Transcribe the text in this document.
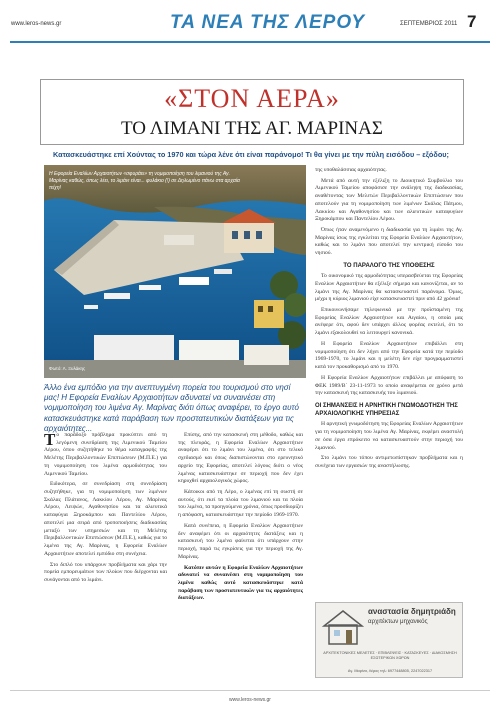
www.leros-news.gr	ΤΑ ΝΕΑ ΤΗΣ ΛΕΡΟΥ	ΣΕΠΤΕΜΒΡΙΟΣ 2011 7
«ΣΤΟΝ ΑΕΡΑ»
ΤΟ ΛΙΜΑΝΙ ΤΗΣ ΑΓ. ΜΑΡΙΝΑΣ
Κατασκευάστηκε επί Χούντας το 1970 και τώρα λένε ότι είναι παράνομο! Τι θα γίνει με την πύλη εισόδου – εξόδου;
Η Εφορεία Εναλίων Αρχαιοτήτων «σφυράει» τη νομιμοποίηση του λιμανιού της Αγ. Μαρίνας καθώς, όπως λέει, το λιμάνι είναι... φυλάκιο (!) σε Δηλωμένο πάνω στα αρχαία τείχη!
Φωτό: Λ. Ξυλάκης
Άλλο ένα εμπόδιο για την ανεπτυγμένη πορεία του τουρισμού στο νησί μας! Η Εφορεία Εναλίων Αρχαιοτήτων αδυνατεί να συναινέσει στη νομιμοποίηση του λιμένα Αγ. Μαρίνας διότι όπως αναφέρει, το έργο αυτό κατασκευάστηκε κατά παράβαση των προστατευτικών διατάξεων για τις αρχαιότητες...

Τ ο παράδοξο πρόβλημα προκύπτει από τη λεγόμενη συνεδρίαση της Λιμενικού Ταμείου Λέρου, όπου συζητήθηκε το θέμα καταγραφής της Μελέτης Περιβαλλοντικών Επιπτώσεων (Μ.Π.Ε.) για τη νομιμοποίηση του λιμένα αρμοδιότητας του Λιμενικού Ταμείου.

Ειδικότερα, σε συνεδρίαση στη συνεδρίαση συζητήθηκε, για τη νομιμοποίηση των λιμένων Σκάλας Πλάτανος, Λακκίου Λέρου, Αγ. Μαρίνας Λέρου, Λειψών, Αγαθονησίου και τα αλιευτικά καταφύγια Ξηροκάμπου και Παντελίου Λέρου, αποτελεί μια σειρά από τροποποιήσεις διαδικασίας μεταξύ των υπηρεσιών και τη Μελέτης Περιβαλλοντικών Επιπτώσεων (Μ.Π.Ε.), καθώς για το λιμένα της Αγ. Μαρίνας, η Εφορεία Εναλίων Αρχαιοτήτων αποτελεί εμπόδιο στη συνέχεια.

Στο διπλό του υπάρχουν προβλήματα και χάρι την πορεία εμπορευμάτων των πλοίων που διέρχονται και συνάγονται από το λιμάνι.

Επίσης, από την κατασκευή στη μέθοδο, καθώς και της πλευράς, η Εφορεία Εναλίων Αρχαιοτήτων αναφέρει ότι το λιμάνι του λιμένα, ότι στο τελικό σχεδιασμό και όπως διαπιστώνονται στο ερευνητικό αρχείο της Εφορείας, αποτελεί λόγους διότι ο νέος λιμένας κατασκευάστηκε σε περιοχή που δεν έχει κηρυχθεί αρχαιολογικός χώρος.

Κάτοικοι από τη Λέρο, ο λιμένας επί τη σωστή σε αυτούς, ότι εκεί τα πλοία του λιμανιού και τα πλοία του λιμένα, τα προηγούμενα χρόνια, όπως προσδιορίζει η απόφαση, κατασκευάστηκε την περίοδο 1969-1970.

Κατά συνέπεια, η Εφορεία Εναλίων Αρχαιοτήτων δεν αναφέρει ότι οι αρχαιότητες διατάξεις και η κατασκευή του λιμένα φαίνεται ότι υπάρχουν στην περιοχή, παρά τις εγκρίσεις για την περιοχή της Αγ. Μαρίνας.

Κατόπιν αυτών η Εφορεία Εναλίων Αρχαιοτήτων αδυνατεί να συναινέσει στη νομιμοποίηση του λιμένα καθώς αυτό κατασκευάστηκε κατά παράβαση των προστατευτικών για τις αρχαιότητες διατάξεων.

της υποθαλάσσιας αρχαιότητας.

Μετά από αυτή την εξέλιξη το Διοικητικό Συμβούλιο του Λιμενικού Ταμείου αποφάσισε την ανάληψη της διαδικασίας, αναθέτοντας των Μελετών Περιβαλλοντικών Επιπτώσεων που αποτελούν για τη νομιμοποίηση των λιμένων Σκάλας Πάτμου, Λακκίου και Αγαθονησίου και των αλιευτικών καταφυγίων Ξηροκάμπου και Παντελίου Λέρου.

Όπως ήταν αναμενόμενο η διαδικασία για τη λιμάνι της Αγ. Μαρίνας ίσως της εγκλείται της Εφορεία Εναλίων Αρχαιοτήτων, καθώς και το λιμάνι που αποτελεί την κεντρική είσοδο του νησιού.

ΤΟ ΠΑΡΑΛΟΓΟ ΤΗΣ ΥΠΟΘΕΣΗΣ

Το οικονομικό της αρμοδιότητας υπερασβεύεται της Εφορείας Εναλίων Αρχαιοτήτων θα εξέλιξε σήμερα και κανονίζεται, αν το λιμάνι της Αγ. Μαρίνας θα κατασκευαστεί παράνομα. Όμως, μέχρι η κύριος λιμανιού είχε κατασκευαστεί πριν από 42 χρόνια!

Επικοινωνήσαμε τηλεφωνικά με την προϊσταμένη της Εφορείας Εναλίων Αρχαιοτήτων και Αιγαίου, η οποία μας ανέφερε ότι, αφού δεν υπάρχει άλλος φορέας εκτελεί, ότι το λιμάνι εξακολουθεί να λειτουργεί κανονικά.

Η Εφορεία Εναλίων Αρχαιοτήτων επιβάλλει στη νομιμοποίηση ότι δεν λήγει από την Εφορεία κατά την περίοδο 1969-1970, το λιμάνι και η μελέτη δεν είχε προγραμματιστεί κατά τον προκαθορισμό από το 1970.

Η Εφορεία Εναλίων Αρχαιοτήτων επιβάλλει με απόφαση το ΦΕΚ 1989/Β΄ 23-11-1973 το οποίο αναφέρεται σε χρόνο μετά την κατασκευή της κατασκευής του λιμανιού.

ΟΙ ΣΗΜΑΝΣΕΙΣ Η ΑΡΝΗΤΙΚΗ ΓΝΩΜΟΔΟΤΗΣΗ ΤΗΣ ΑΡΧΑΙΟΛΟΓΙΚΗΣ ΥΠΗΡΕΣΙΑΣ

Η αρνητική γνωμοδότηση της Εφορείας Εναλίων Αρχαιοτήτων για τη νομιμοποίηση του λιμένα Αγ. Μαρίνας, εκφέρει αναστολή σε όσα έργα επρόκειτο να κατασκευαστούν στην περιοχή του λιμανιού.

Στο λιμάνι του τόπου αντιμετωπίστηκαν προβλήματα και η συνέχεια των εργασιών της αναστήλωσης.

αναστασία δημητριάδη
αρχιτέκτων μηχανικός
ΑΡΧΙΤΕΚΤΟΝΙΚΕΣ ΜΕΛΕΤΕΣ · ΕΠΙΒΛΕΨΕΙΣ · ΚΑΤΑΣΚΕΥΕΣ · ΔΙΑΚΟΣΜΗΣΗ ΕΣΩΤΕΡΙΚΩΝ ΧΩΡΩΝ
Αγ. Μαρίνα, Λέρος τηλ: 6977448805, 2247022317
www.leros-news.gr
